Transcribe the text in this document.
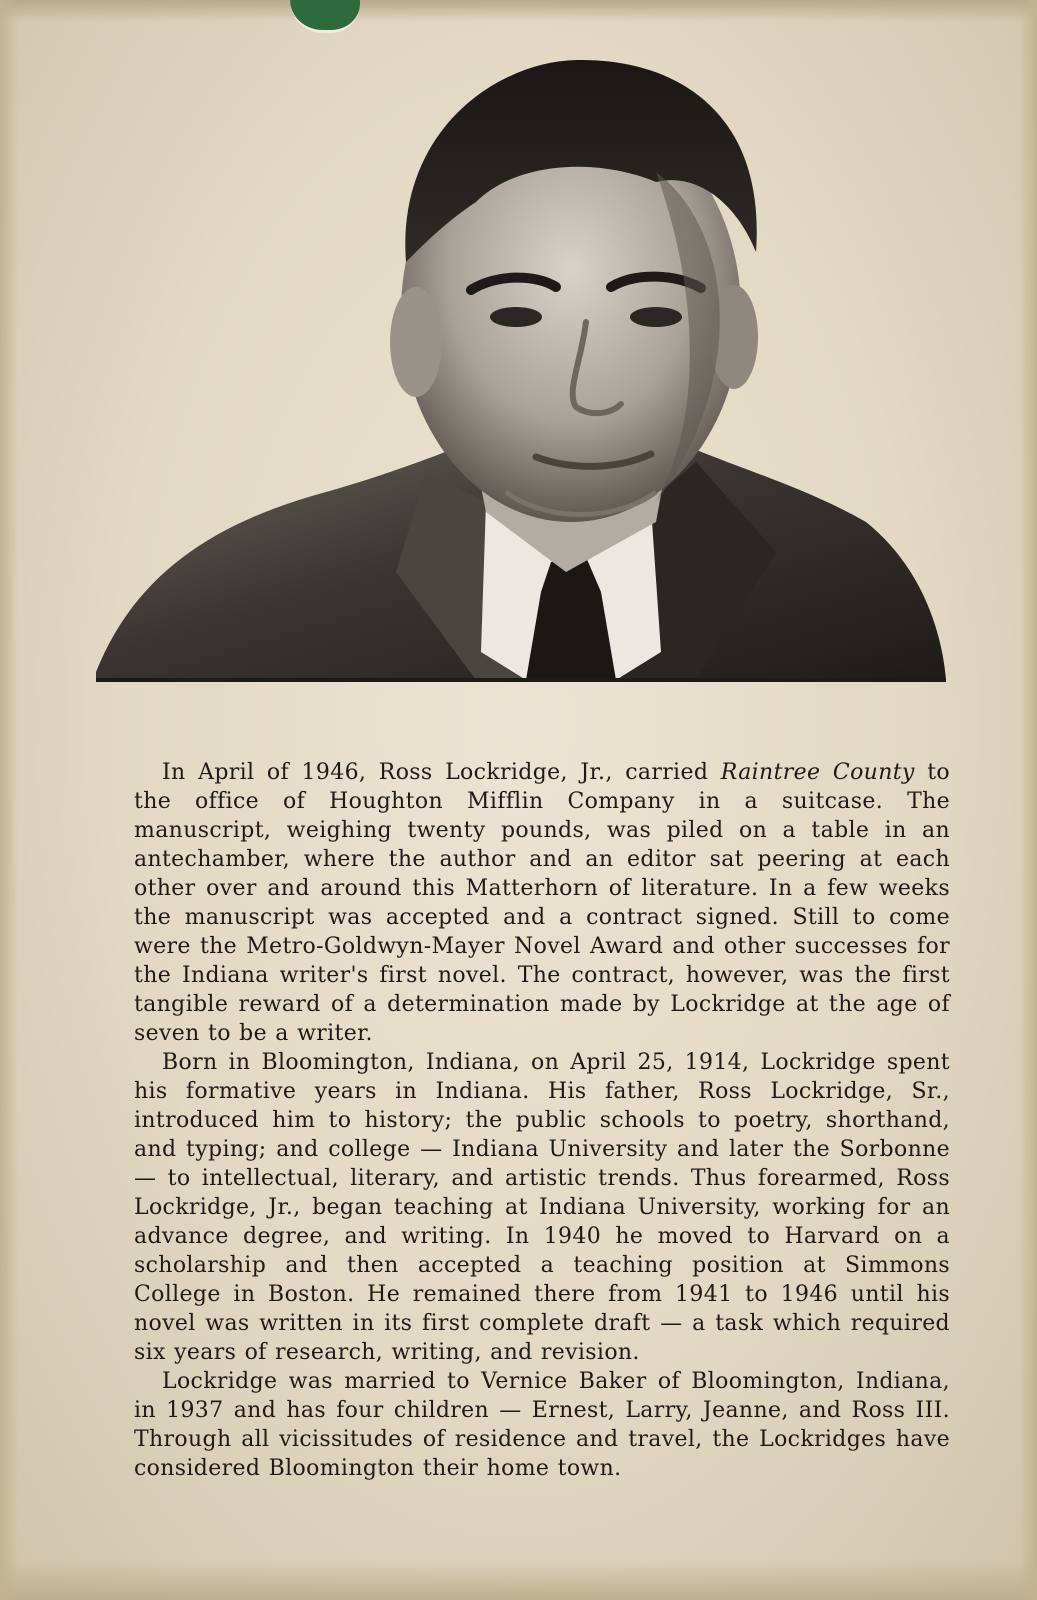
In April of 1946, Ross Lockridge, Jr., carried Raintree County to the office of Houghton Mifflin Company in a suitcase. The manuscript, weighing twenty pounds, was piled on a table in an antechamber, where the author and an editor sat peering at each other over and around this Matterhorn of literature. In a few weeks the manuscript was accepted and a contract signed. Still to come were the Metro-Goldwyn-Mayer Novel Award and other successes for the Indiana writer's first novel. The contract, however, was the first tangible reward of a determination made by Lockridge at the age of seven to be a writer.

Born in Bloomington, Indiana, on April 25, 1914, Lockridge spent his formative years in Indiana. His father, Ross Lockridge, Sr., introduced him to history; the public schools to poetry, shorthand, and typing; and college — Indiana University and later the Sorbonne — to intellectual, literary, and artistic trends. Thus forearmed, Ross Lockridge, Jr., began teaching at Indiana University, working for an advance degree, and writing. In 1940 he moved to Harvard on a scholarship and then accepted a teaching position at Simmons College in Boston. He remained there from 1941 to 1946 until his novel was written in its first complete draft — a task which required six years of research, writing, and revision.

Lockridge was married to Vernice Baker of Bloomington, Indiana, in 1937 and has four children — Ernest, Larry, Jeanne, and Ross III. Through all vicissitudes of residence and travel, the Lockridges have considered Bloomington their home town.
